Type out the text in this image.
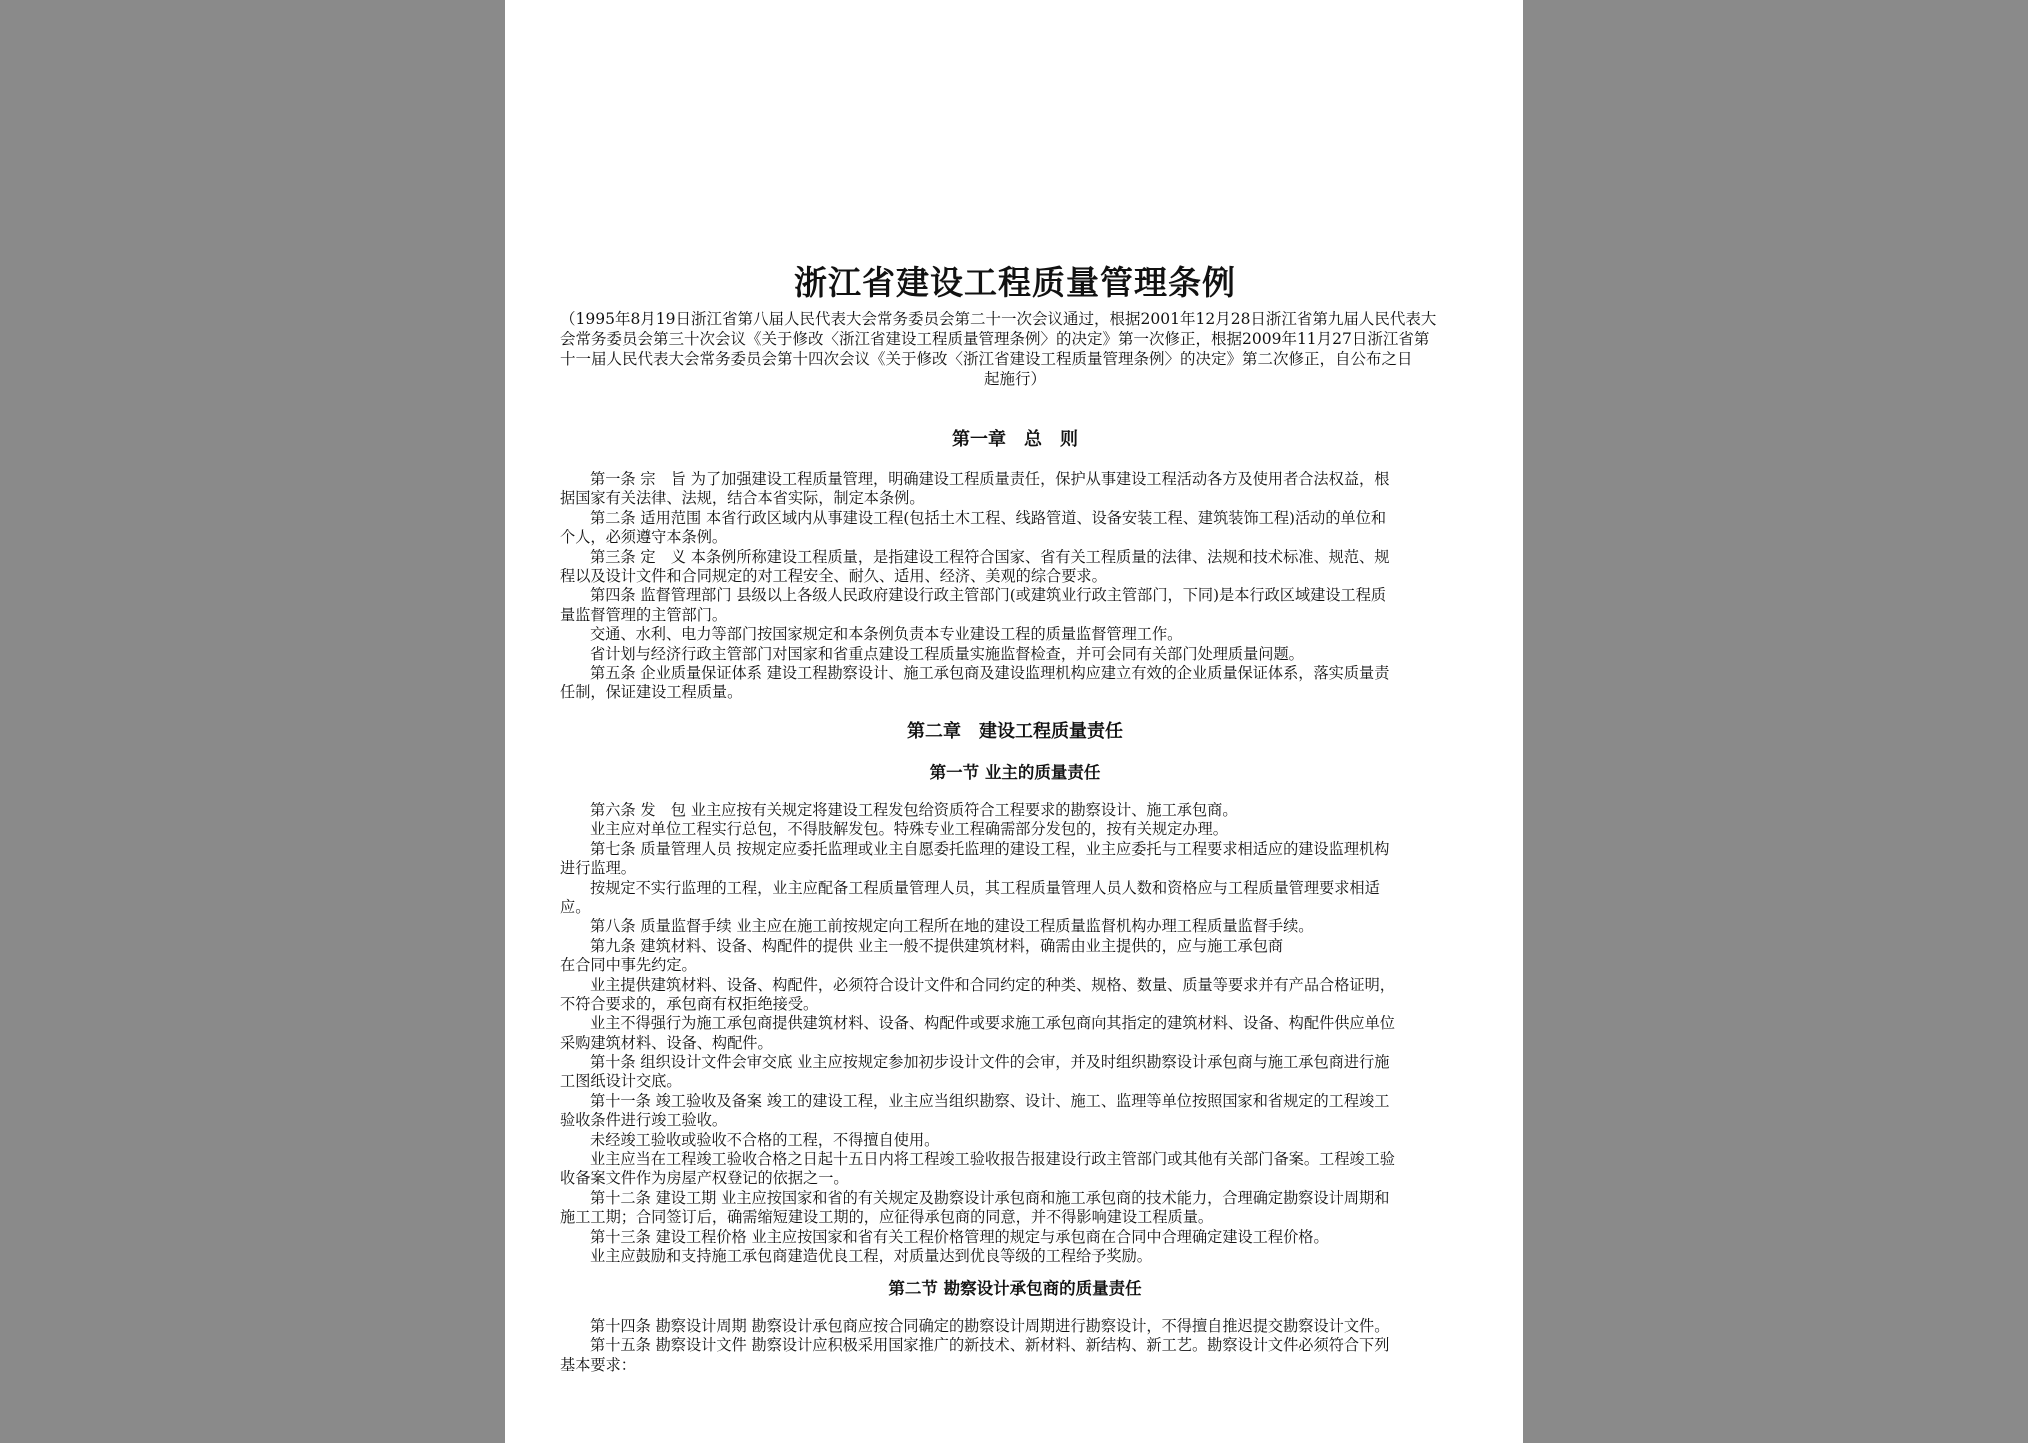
浙江省建设工程质量管理条例
（1995年8月19日浙江省第八届人民代表大会常务委员会第二十一次会议通过，根据2001年12月28日浙江省第九届人民代表大
会常务委员会第三十次会议《关于修改〈浙江省建设工程质量管理条例〉的决定》第一次修正，根据2009年11月27日浙江省第
十一届人民代表大会常务委员会第十四次会议《关于修改〈浙江省建设工程质量管理条例〉的决定》第二次修正，自公布之日
起施行）
第一章　总　则
第一条 宗　旨 为了加强建设工程质量管理，明确建设工程质量责任，保护从事建设工程活动各方及使用者合法权益，根
据国家有关法律、法规，结合本省实际，制定本条例。
第二条 适用范围 本省行政区域内从事建设工程(包括土木工程、线路管道、设备安装工程、建筑装饰工程)活动的单位和
个人，必须遵守本条例。
第三条 定　义 本条例所称建设工程质量，是指建设工程符合国家、省有关工程质量的法律、法规和技术标准、规范、规
程以及设计文件和合同规定的对工程安全、耐久、适用、经济、美观的综合要求。
第四条 监督管理部门 县级以上各级人民政府建设行政主管部门(或建筑业行政主管部门，下同)是本行政区域建设工程质
量监督管理的主管部门。
交通、水利、电力等部门按国家规定和本条例负责本专业建设工程的质量监督管理工作。
省计划与经济行政主管部门对国家和省重点建设工程质量实施监督检查，并可会同有关部门处理质量问题。
第五条 企业质量保证体系 建设工程勘察设计、施工承包商及建设监理机构应建立有效的企业质量保证体系，落实质量责
任制，保证建设工程质量。
第二章　建设工程质量责任
第一节 业主的质量责任
第六条 发　包 业主应按有关规定将建设工程发包给资质符合工程要求的勘察设计、施工承包商。
业主应对单位工程实行总包，不得肢解发包。特殊专业工程确需部分发包的，按有关规定办理。
第七条 质量管理人员 按规定应委托监理或业主自愿委托监理的建设工程，业主应委托与工程要求相适应的建设监理机构
进行监理。
按规定不实行监理的工程，业主应配备工程质量管理人员，其工程质量管理人员人数和资格应与工程质量管理要求相适
应。
第八条 质量监督手续 业主应在施工前按规定向工程所在地的建设工程质量监督机构办理工程质量监督手续。
第九条 建筑材料、设备、构配件的提供 业主一般不提供建筑材料，确需由业主提供的，应与施工承包商
在合同中事先约定。
业主提供建筑材料、设备、构配件，必须符合设计文件和合同约定的种类、规格、数量、质量等要求并有产品合格证明，
不符合要求的，承包商有权拒绝接受。
业主不得强行为施工承包商提供建筑材料、设备、构配件或要求施工承包商向其指定的建筑材料、设备、构配件供应单位
采购建筑材料、设备、构配件。
第十条 组织设计文件会审交底 业主应按规定参加初步设计文件的会审，并及时组织勘察设计承包商与施工承包商进行施
工图纸设计交底。
第十一条 竣工验收及备案 竣工的建设工程，业主应当组织勘察、设计、施工、监理等单位按照国家和省规定的工程竣工
验收条件进行竣工验收。
未经竣工验收或验收不合格的工程，不得擅自使用。
业主应当在工程竣工验收合格之日起十五日内将工程竣工验收报告报建设行政主管部门或其他有关部门备案。工程竣工验
收备案文件作为房屋产权登记的依据之一。
第十二条 建设工期 业主应按国家和省的有关规定及勘察设计承包商和施工承包商的技术能力，合理确定勘察设计周期和
施工工期；合同签订后，确需缩短建设工期的，应征得承包商的同意，并不得影响建设工程质量。
第十三条 建设工程价格 业主应按国家和省有关工程价格管理的规定与承包商在合同中合理确定建设工程价格。
业主应鼓励和支持施工承包商建造优良工程，对质量达到优良等级的工程给予奖励。
第二节 勘察设计承包商的质量责任
第十四条 勘察设计周期 勘察设计承包商应按合同确定的勘察设计周期进行勘察设计，不得擅自推迟提交勘察设计文件。
第十五条 勘察设计文件 勘察设计应积极采用国家推广的新技术、新材料、新结构、新工艺。勘察设计文件必须符合下列
基本要求：
